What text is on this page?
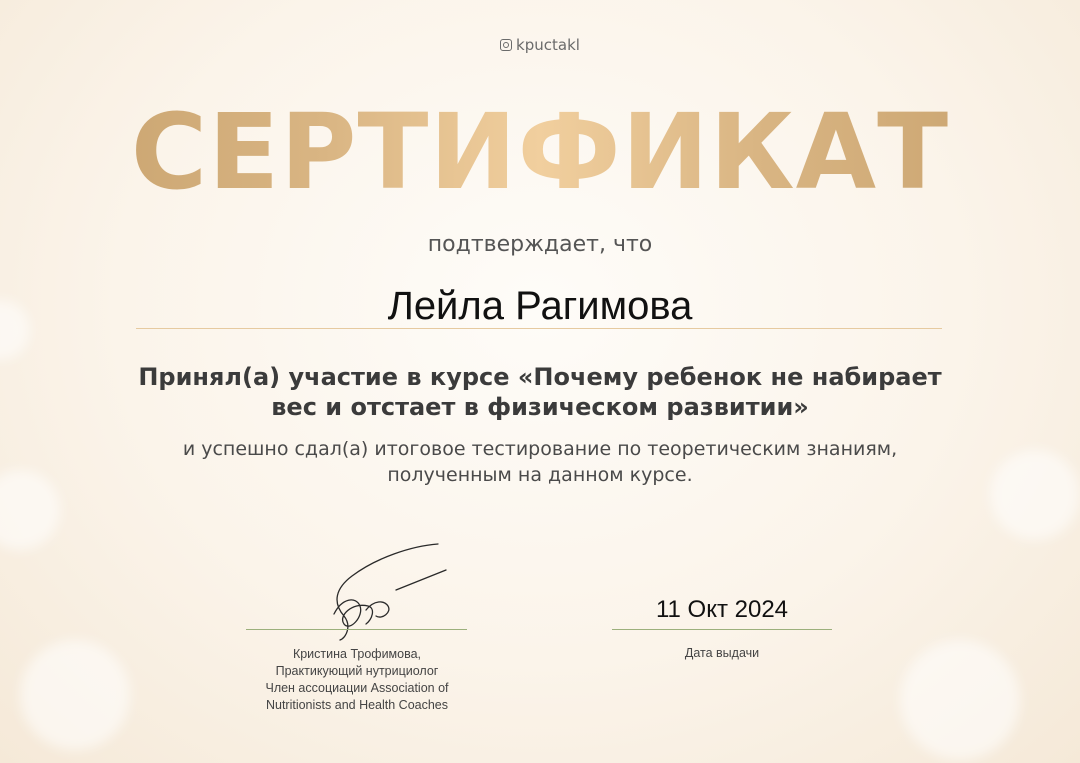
kpuctakl
СЕРТИФИКАТ
подтверждает, что
Лейла Рагимова
Принял(а) участие в курсе «Почему ребенок не набирает
вес и отстает в физическом развитии»
и успешно сдал(а) итоговое тестирование по теоретическим знаниям,
полученным на данном курсе.
Кристина Трофимова,
Практикующий нутрициолог
Член ассоциации Association of
Nutritionists and Health Coaches
11 Окт 2024
Дата выдачи
